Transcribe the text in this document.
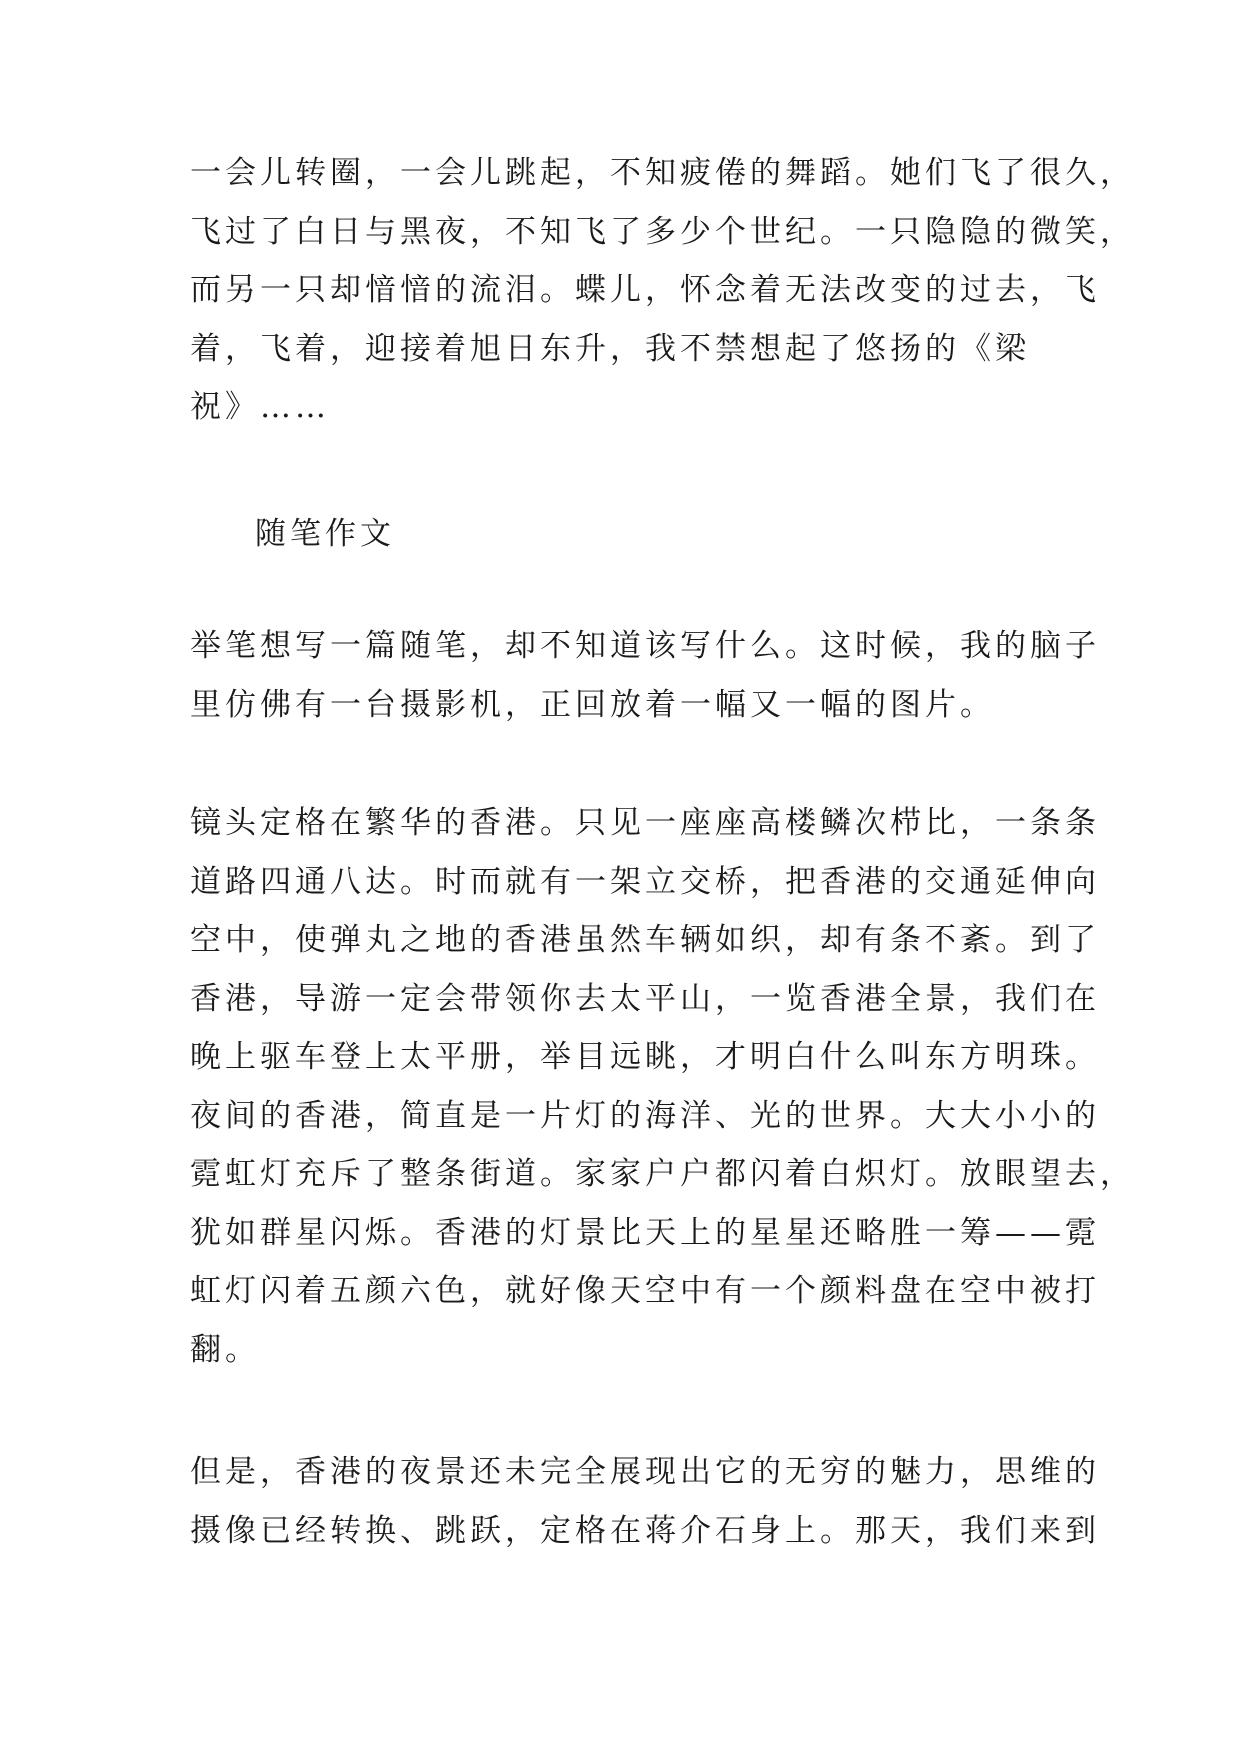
一会儿转圈，一会儿跳起，不知疲倦的舞蹈。她们飞了很久，
飞过了白日与黑夜，不知飞了多少个世纪。一只隐隐的微笑，
而另一只却愔愔的流泪。蝶儿，怀念着无法改变的过去，飞
着，飞着，迎接着旭日东升，我不禁想起了悠扬的《梁
祝》……
随笔作文
举笔想写一篇随笔，却不知道该写什么。这时候，我的脑子
里仿佛有一台摄影机，正回放着一幅又一幅的图片。
镜头定格在繁华的香港。只见一座座高楼鳞次栉比，一条条
道路四通八达。时而就有一架立交桥，把香港的交通延伸向
空中，使弹丸之地的香港虽然车辆如织，却有条不紊。到了
香港，导游一定会带领你去太平山，一览香港全景，我们在
晚上驱车登上太平册，举目远眺，才明白什么叫东方明珠。
夜间的香港，简直是一片灯的海洋、光的世界。大大小小的
霓虹灯充斥了整条街道。家家户户都闪着白炽灯。放眼望去，
犹如群星闪烁。香港的灯景比天上的星星还略胜一筹——霓
虹灯闪着五颜六色，就好像天空中有一个颜料盘在空中被打
翻。
但是，香港的夜景还未完全展现出它的无穷的魅力，思维的
摄像已经转换、跳跃，定格在蒋介石身上。那天，我们来到
